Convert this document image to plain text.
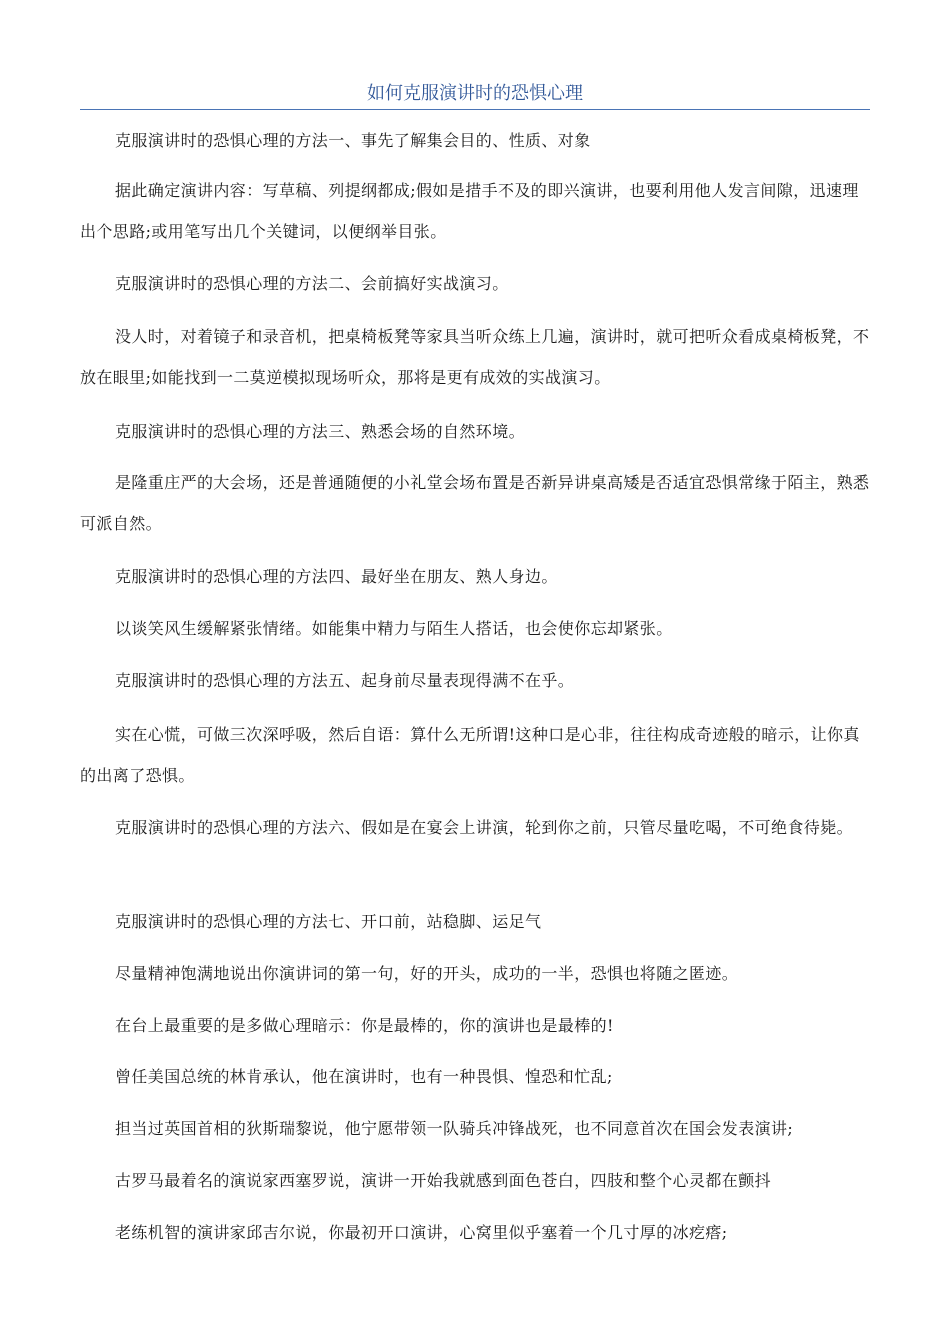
如何克服演讲时的恐惧心理

克服演讲时的恐惧心理的方法一、事先了解集会目的、性质、对象

据此确定演讲内容：写草稿、列提纲都成;假如是措手不及的即兴演讲，也要利用他人发言间隙，迅速理出个思路;或用笔写出几个关键词，以便纲举目张。

克服演讲时的恐惧心理的方法二、会前搞好实战演习。

没人时，对着镜子和录音机，把桌椅板凳等家具当听众练上几遍，演讲时，就可把听众看成桌椅板凳，不放在眼里;如能找到一二莫逆模拟现场听众，那将是更有成效的实战演习。

克服演讲时的恐惧心理的方法三、熟悉会场的自然环境。

是隆重庄严的大会场，还是普通随便的小礼堂会场布置是否新异讲桌高矮是否适宜恐惧常缘于陌主，熟悉可派自然。

克服演讲时的恐惧心理的方法四、最好坐在朋友、熟人身边。

以谈笑风生缓解紧张情绪。如能集中精力与陌生人搭话，也会使你忘却紧张。

克服演讲时的恐惧心理的方法五、起身前尽量表现得满不在乎。

实在心慌，可做三次深呼吸，然后自语：算什么无所谓!这种口是心非，往往构成奇迹般的暗示，让你真的出离了恐惧。

克服演讲时的恐惧心理的方法六、假如是在宴会上讲演，轮到你之前，只管尽量吃喝，不可绝食待毙。

克服演讲时的恐惧心理的方法七、开口前，站稳脚、运足气

尽量精神饱满地说出你演讲词的第一句，好的开头，成功的一半，恐惧也将随之匿迹。

在台上最重要的是多做心理暗示：你是最棒的，你的演讲也是最棒的!

曾任美国总统的林肯承认，他在演讲时，也有一种畏惧、惶恐和忙乱;

担当过英国首相的狄斯瑞黎说，他宁愿带领一队骑兵冲锋战死，也不同意首次在国会发表演讲;

古罗马最着名的演说家西塞罗说，演讲一开始我就感到面色苍白，四肢和整个心灵都在颤抖

老练机智的演讲家邱吉尔说，你最初开口演讲，心窝里似乎塞着一个几寸厚的冰疙瘩;
